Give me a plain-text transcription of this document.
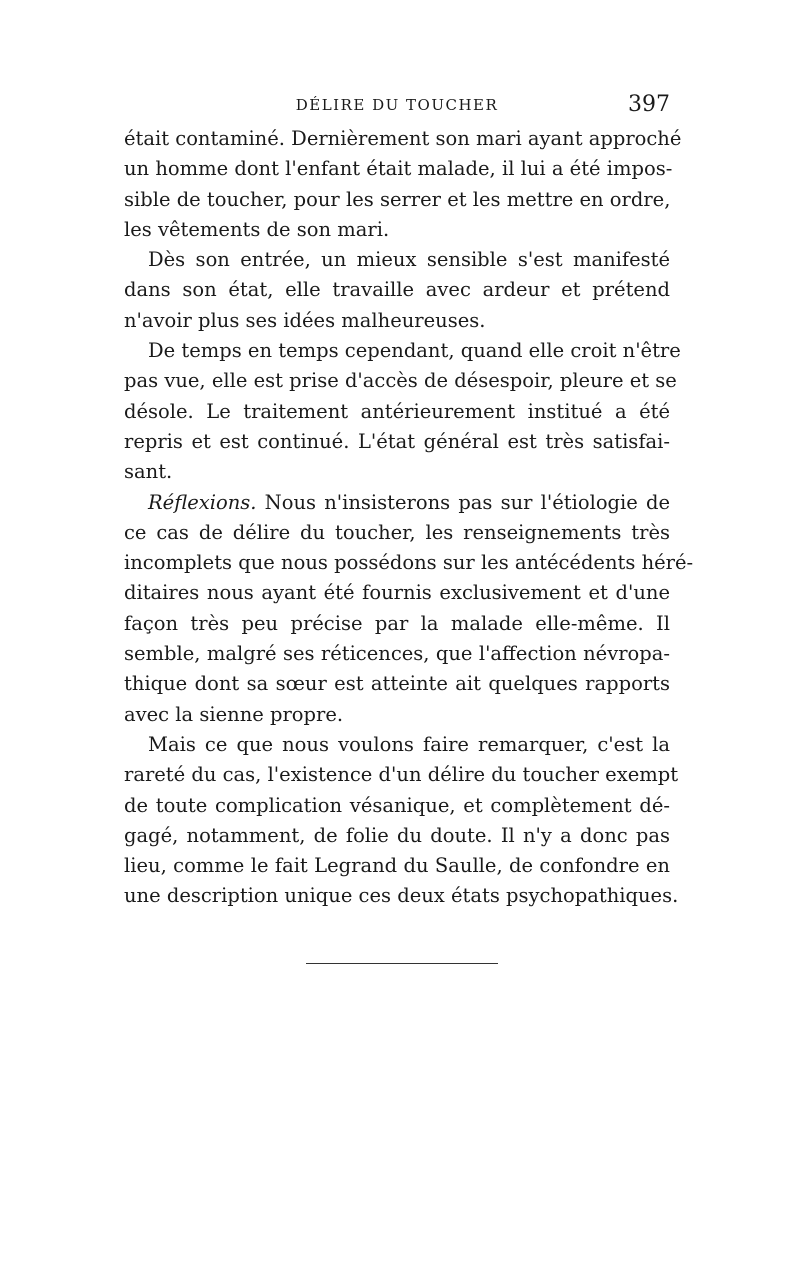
DÉLIRE DU TOUCHER	397
était contaminé. Dernièrement son mari ayant approché
un homme dont l'enfant était malade, il lui a été impos-
sible de toucher, pour les serrer et les mettre en ordre,
les vêtements de son mari.
Dès son entrée, un mieux sensible s'est manifesté
dans son état, elle travaille avec ardeur et prétend
n'avoir plus ses idées malheureuses.
De temps en temps cependant, quand elle croit n'être
pas vue, elle est prise d'accès de désespoir, pleure et se
désole. Le traitement antérieurement institué a été
repris et est continué. L'état général est très satisfai-
sant.
Réflexions. Nous n'insisterons pas sur l'étiologie de
ce cas de délire du toucher, les renseignements très
incomplets que nous possédons sur les antécédents héré-
ditaires nous ayant été fournis exclusivement et d'une
façon très peu précise par la malade elle-même. Il
semble, malgré ses réticences, que l'affection névropa-
thique dont sa sœur est atteinte ait quelques rapports
avec la sienne propre.
Mais ce que nous voulons faire remarquer, c'est la
rareté du cas, l'existence d'un délire du toucher exempt
de toute complication vésanique, et complètement dé-
gagé, notamment, de folie du doute. Il n'y a donc pas
lieu, comme le fait Legrand du Saulle, de confondre en
une description unique ces deux états psychopathiques.
